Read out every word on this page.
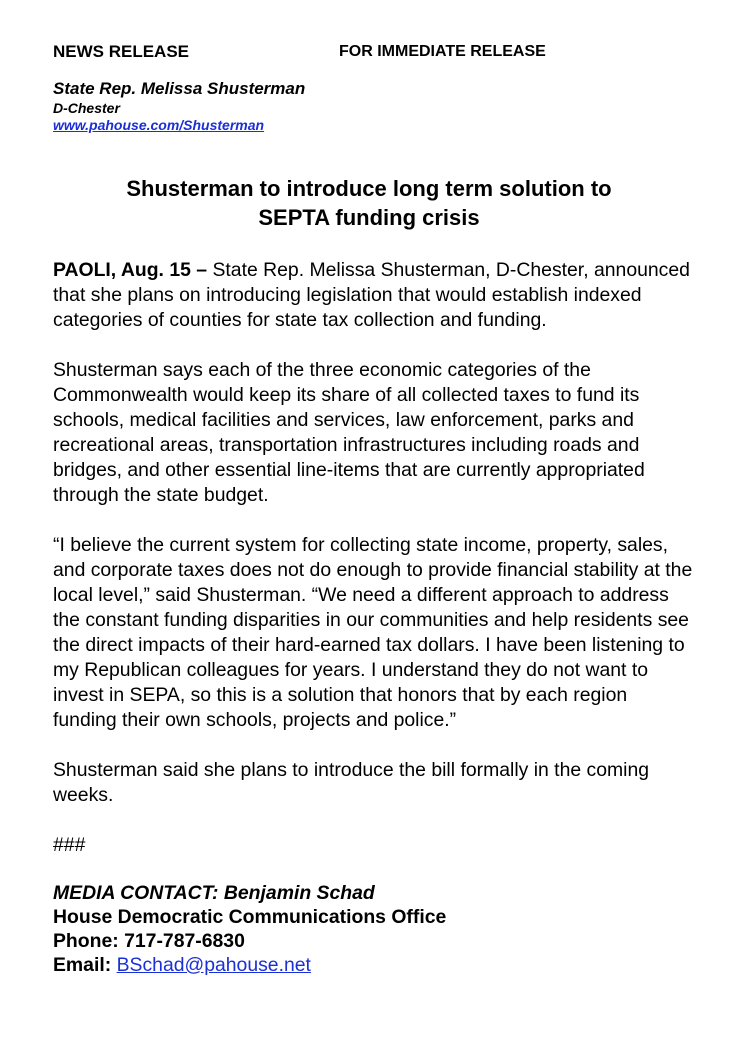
NEWS RELEASE	FOR IMMEDIATE RELEASE
State Rep. Melissa Shusterman
D-Chester
www.pahouse.com/Shusterman
Shusterman to introduce long term solution to
SEPTA funding crisis

PAOLI, Aug. 15 – State Rep. Melissa Shusterman, D-Chester, announced that she plans on introducing legislation that would establish indexed categories of counties for state tax collection and funding.

Shusterman says each of the three economic categories of the Commonwealth would keep its share of all collected taxes to fund its schools, medical facilities and services, law enforcement, parks and recreational areas, transportation infrastructures including roads and bridges, and other essential line-items that are currently appropriated through the state budget.

“I believe the current system for collecting state income, property, sales, and corporate taxes does not do enough to provide financial stability at the local level,” said Shusterman. “We need a different approach to address the constant funding disparities in our communities and help residents see the direct impacts of their hard-earned tax dollars. I have been listening to my Republican colleagues for years. I understand they do not want to invest in SEPA, so this is a solution that honors that by each region funding their own schools, projects and police.”

Shusterman said she plans to introduce the bill formally in the coming weeks.

###

MEDIA CONTACT: Benjamin Schad
House Democratic Communications Office
Phone: 717-787-6830
Email: BSchad@pahouse.net
